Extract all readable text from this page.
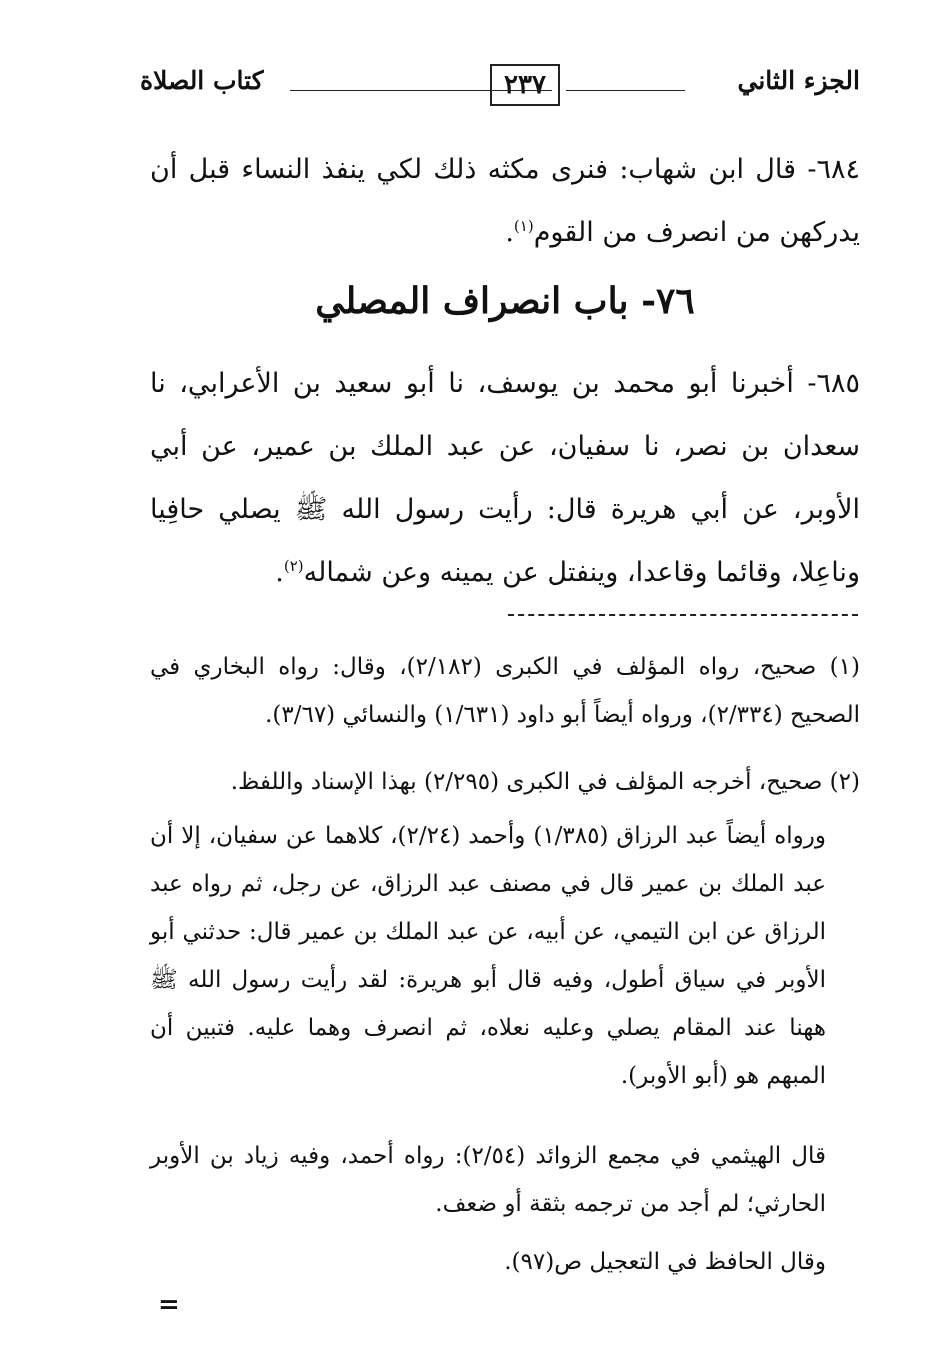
الجزء الثاني
٢٣٧
كتاب الصلاة
٦٨٤- قال ابن شهاب: فنرى مكثه ذلك لكي ينفذ النساء قبل أن يدركهن من انصرف من القوم$^{(١)}$.
٧٦- باب انصراف المصلي
٦٨٥- أخبرنا أبو محمد بن يوسف، نا أبو سعيد بن الأعرابي، نا سعدان بن نصر، نا سفيان، عن عبد الملك بن عمير، عن أبي الأوبر، عن أبي هريرة قال: رأيت رسول الله ﷺ يصلي حافِيا وناعِلا، وقائما وقاعدا، وينفتل عن يمينه وعن شماله$^{(٢)}$.
(١) صحيح، رواه المؤلف في الكبرى (٢/١٨٢)، وقال: رواه البخاري في الصحيح (٢/٣٣٤)، ورواه أيضاً أبو داود (١/٦٣١) والنسائي (٣/٦٧).
(٢) صحيح، أخرجه المؤلف في الكبرى (٢/٢٩٥) بهذا الإسناد واللفظ.
ورواه أيضاً عبد الرزاق (١/٣٨٥) وأحمد (٢/٢٤)، كلاهما عن سفيان، إلا أن عبد الملك بن عمير قال في مصنف عبد الرزاق، عن رجل، ثم رواه عبد الرزاق عن ابن التيمي، عن أبيه، عن عبد الملك بن عمير قال: حدثني أبو الأوبر في سياق أطول، وفيه قال أبو هريرة: لقد رأيت رسول الله ﷺ ههنا عند المقام يصلي وعليه نعلاه، ثم انصرف وهما عليه. فتبين أن المبهم هو (أبو الأوبر).
قال الهيثمي في مجمع الزوائد (٢/٥٤): رواه أحمد، وفيه زياد بن الأوبر الحارثي؛ لم أجد من ترجمه بثقة أو ضعف.
وقال الحافظ في التعجيل ص(٩٧).
=
